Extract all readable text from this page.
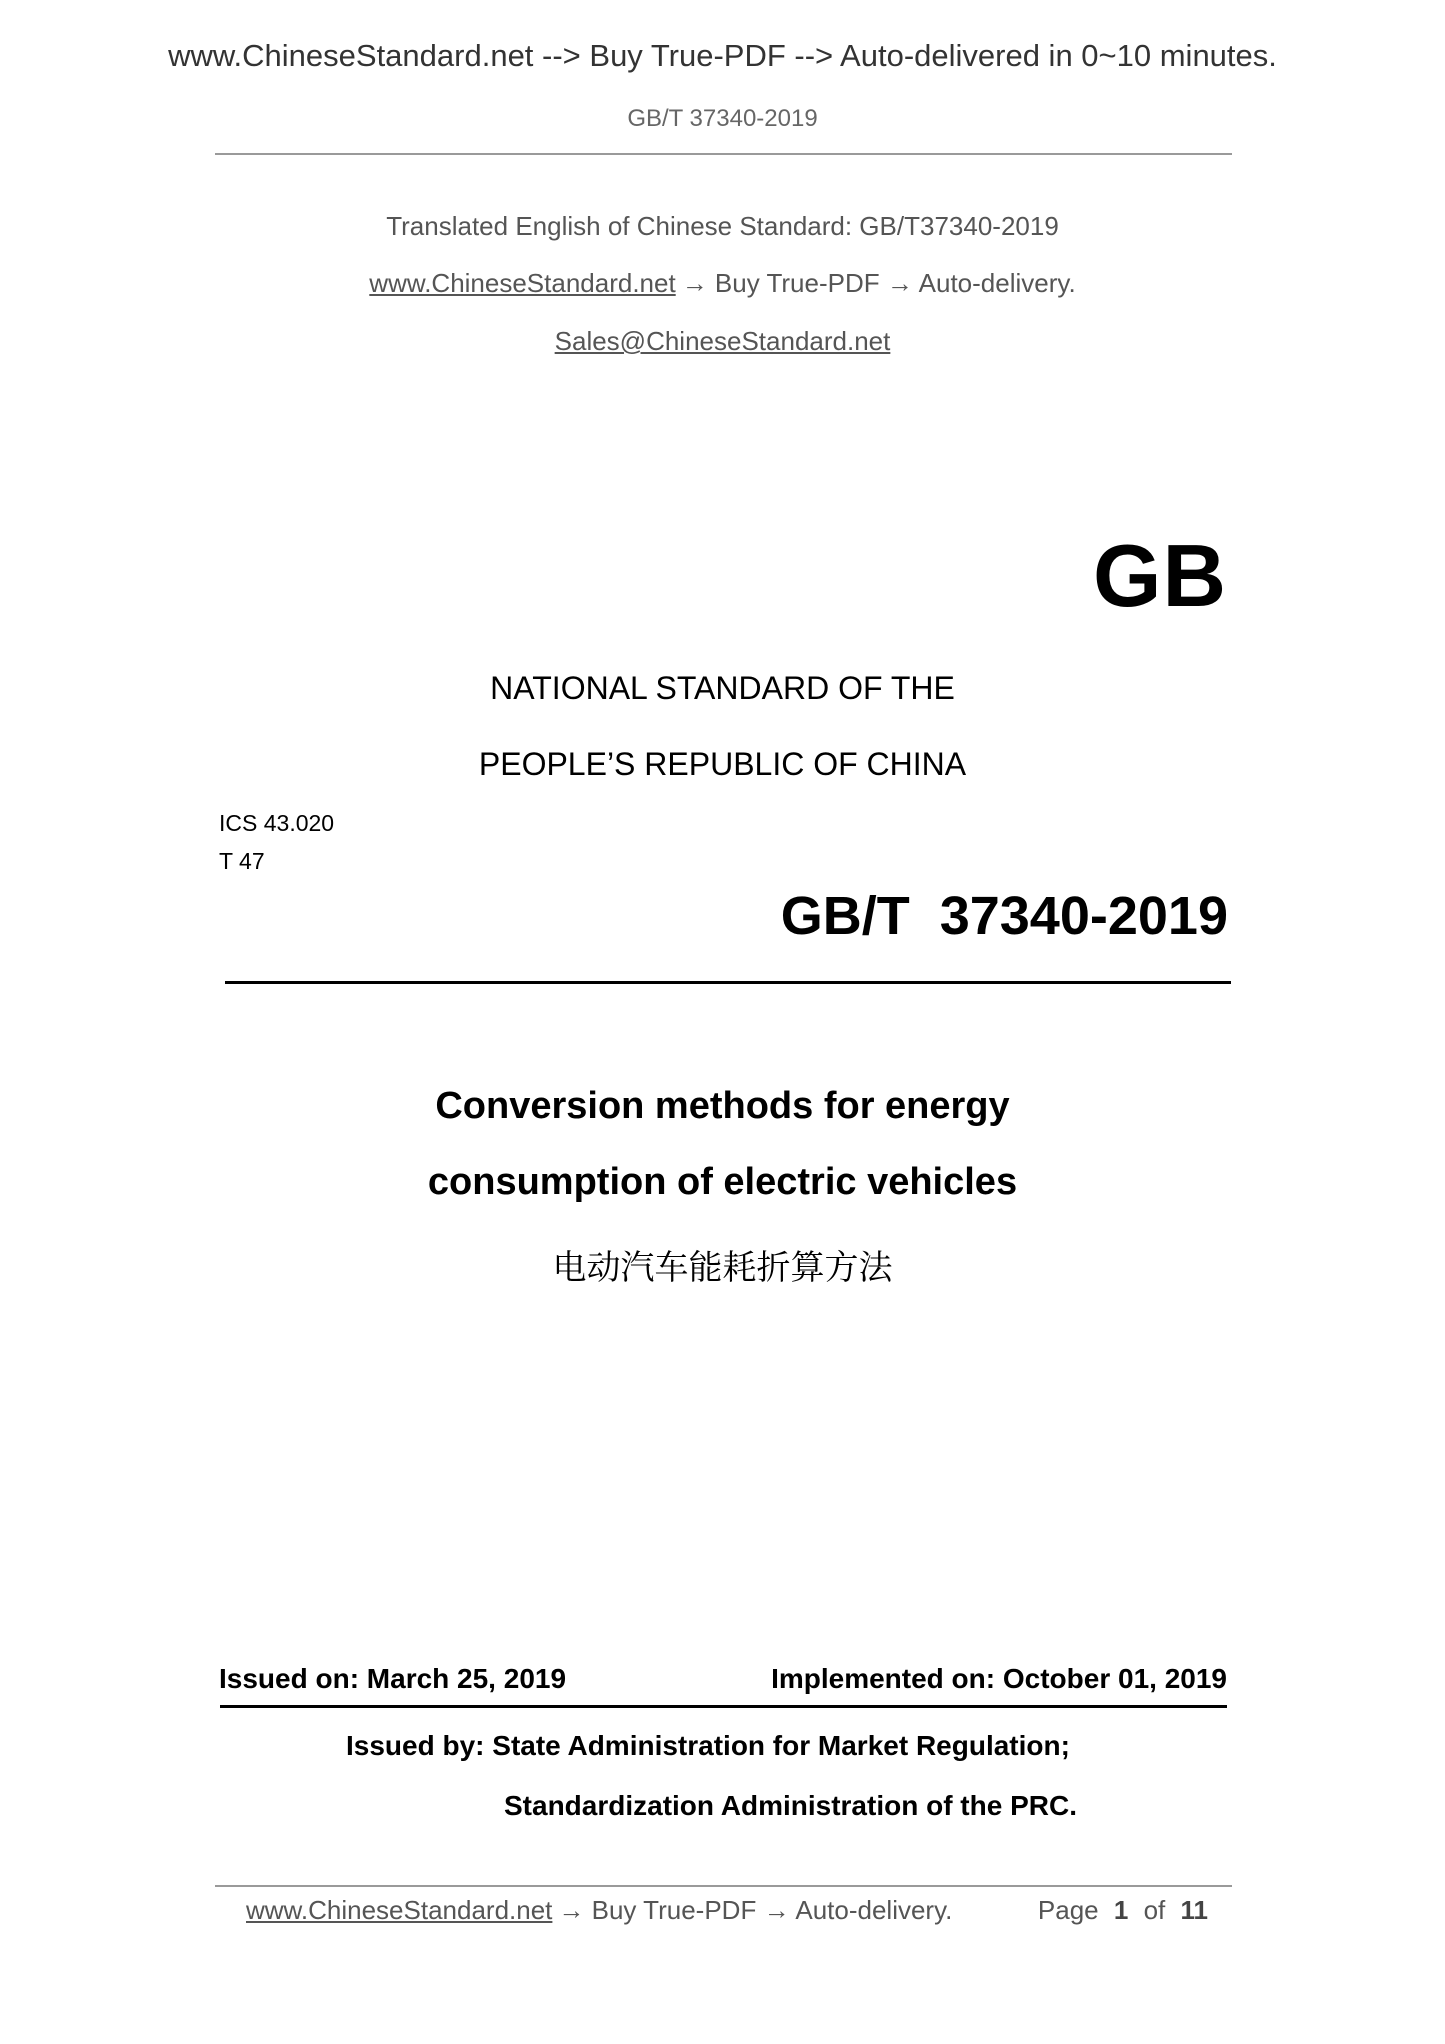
www.ChineseStandard.net --> Buy True-PDF --> Auto-delivered in 0~10 minutes.
GB/T 37340-2019
Translated English of Chinese Standard: GB/T37340-2019
www.ChineseStandard.net → Buy True-PDF → Auto-delivery.
Sales@ChineseStandard.net
GB
NATIONAL STANDARD OF THE
PEOPLE’S REPUBLIC OF CHINA
ICS 43.020
T 47
GB/T  37340-2019
Conversion methods for energy
consumption of electric vehicles
电动汽车能耗折算方法
Issued on: March 25, 2019	Implemented on: October 01, 2019
Issued by: State Administration for Market Regulation;
Standardization Administration of the PRC.
www.ChineseStandard.net → Buy True-PDF → Auto-delivery.	Page 1 of 11
